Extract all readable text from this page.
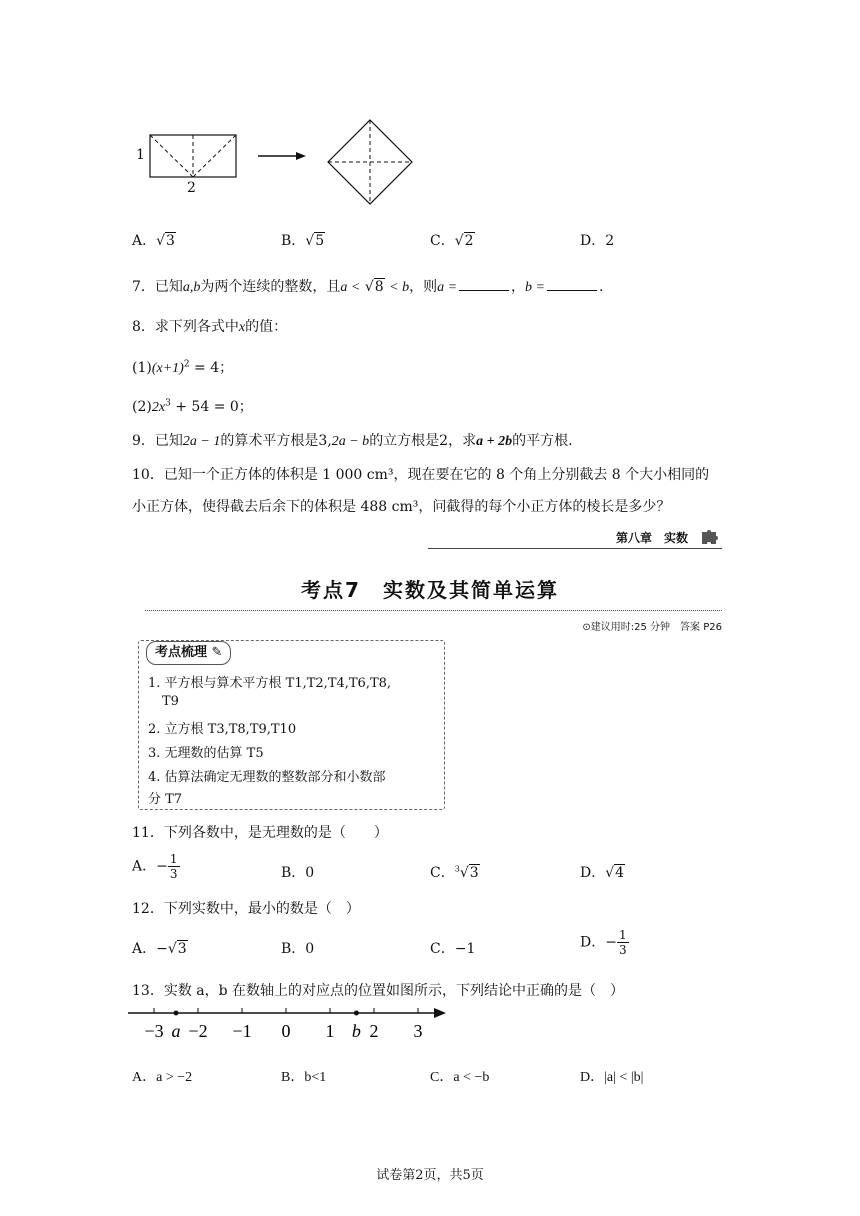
1
2
A．√3	B．√5	C．√2	D．2
7．已知a,b为两个连续的整数，且a < √8 < b，则a =	，b =	.
8．求下列各式中x的值：
$(1)(x+1)^2 = 4$；
$(2)2x^3 + 54 = 0$；
9．已知2a − 1的算术平方根是3,2a − b的立方根是2，求a + 2b的平方根.
10．已知一个正方体的体积是 1 000 cm³，现在要在它的 8 个角上分别截去 8 个大小相同的
小正方体，使得截去后余下的体积是 488 cm³，问截得的每个小正方体的棱长是多少？
第八章　实数
考点7　实数及其简单运算
⊙建议用时:25 分钟　答案 P26
考点梳理 ✎
1. 平方根与算术平方根 T1,T2,T4,T6,T8,
T9
2. 立方根 T3,T8,T9,T10
3. 无理数的估算 T5
4. 估算法确定无理数的整数部分和小数部
分 T7
11．下列各数中，是无理数的是（　　）
A．− $\frac{1}{3}$	B．0	C．$^3$√3	D．√4
12．下列实数中，最小的数是（　）
A．−√3	B．0	C．−1	D．− $\frac{1}{3}$
13．实数 a，b 在数轴上的对应点的位置如图所示，下列结论中正确的是（　）
−3 −2 −1 0 1 2 3
a	b
A．a > −2	B．b<1	C．a < −b	D．|a| < |b|
试卷第2页，共5页
